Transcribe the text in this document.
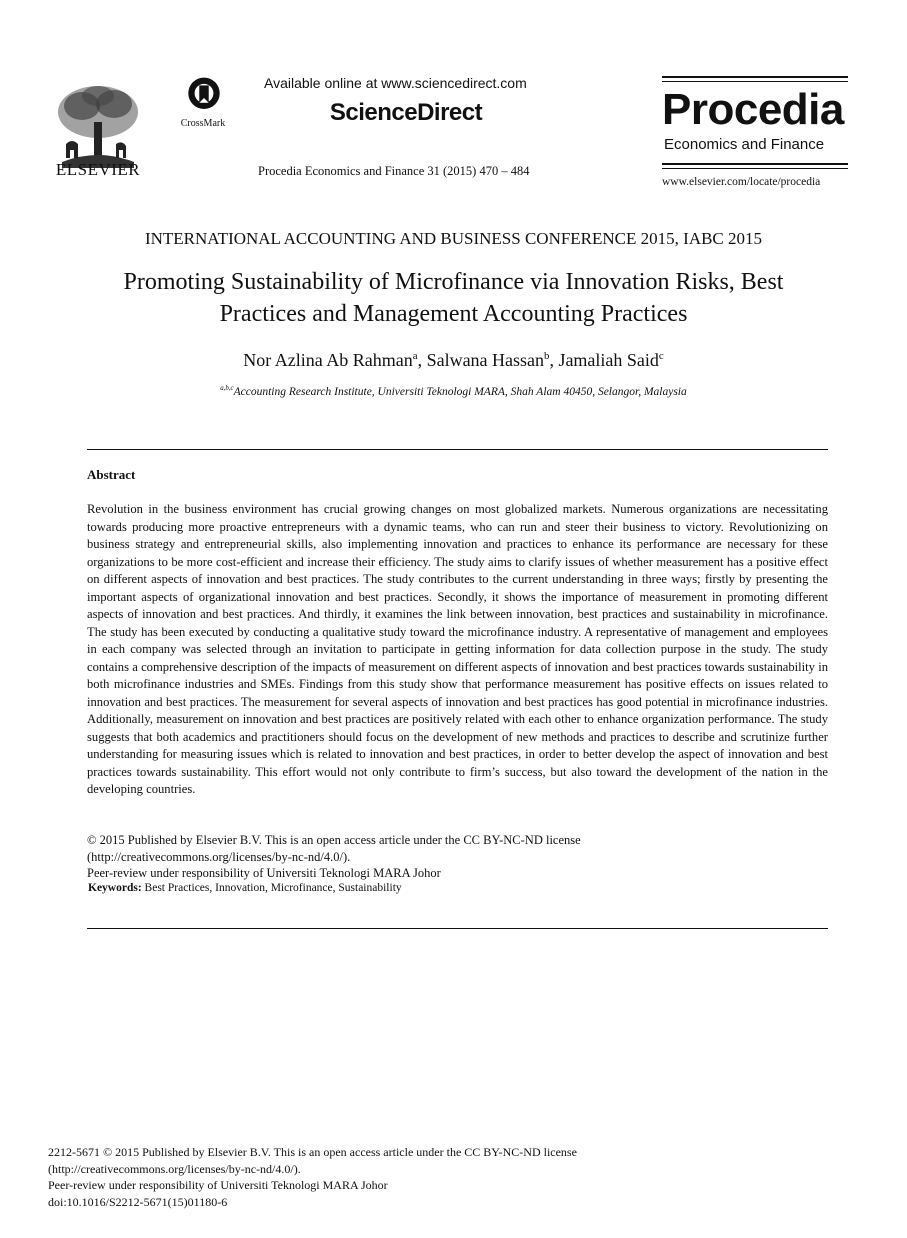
ELSEVIER
CrossMark
Available online at www.sciencedirect.com
ScienceDirect
Procedia Economics and Finance 31 (2015) 470 – 484
Procedia
Economics and Finance
www.elsevier.com/locate/procedia
INTERNATIONAL ACCOUNTING AND BUSINESS CONFERENCE 2015, IABC 2015
Promoting Sustainability of Microfinance via Innovation Risks, Best
Practices and Management Accounting Practices
Nor Azlina Ab Rahman$^a$, Salwana Hassan$^b$, Jamaliah Said$^c$
$^{a,b,c}$Accounting Research Institute, Universiti Teknologi MARA, Shah Alam 40450, Selangor, Malaysia
Abstract

Revolution in the business environment has crucial growing changes on most globalized markets. Numerous organizations are necessitating towards producing more proactive entrepreneurs with a dynamic teams, who can run and steer their business to victory. Revolutionizing on business strategy and entrepreneurial skills, also implementing innovation and practices to enhance its performance are necessary for these organizations to be more cost-efficient and increase their efficiency. The study aims to clarify issues of whether measurement has a positive effect on different aspects of innovation and best practices. The study contributes to the current understanding in three ways; firstly by presenting the important aspects of organizational innovation and best practices. Secondly, it shows the importance of measurement in promoting different aspects of innovation and best practices. And thirdly, it examines the link between innovation, best practices and sustainability in microfinance. The study has been executed by conducting a qualitative study toward the microfinance industry. A representative of management and employees in each company was selected through an invitation to participate in getting information for data collection purpose in the study. The study contains a comprehensive description of the impacts of measurement on different aspects of innovation and best practices towards sustainability in both microfinance industries and SMEs. Findings from this study show that performance measurement has positive effects on issues related to innovation and best practices. The measurement for several aspects of innovation and best practices has good potential in microfinance industries. Additionally, measurement on innovation and best practices are positively related with each other to enhance organization performance. The study suggests that both academics and practitioners should focus on the development of new methods and practices to describe and scrutinize further understanding for measuring issues which is related to innovation and best practices, in order to better develop the aspect of innovation and best practices towards sustainability. This effort would not only contribute to firm’s success, but also toward the development of the nation in the developing countries.

© 2015 Published by Elsevier B.V. This is an open access article under the CC BY-NC-ND license
(http://creativecommons.org/licenses/by-nc-nd/4.0/).
Peer-review under responsibility of Universiti Teknologi MARA Johor
Keywords: Best Practices, Innovation, Microfinance, Sustainability
2212-5671 © 2015 Published by Elsevier B.V. This is an open access article under the CC BY-NC-ND license
(http://creativecommons.org/licenses/by-nc-nd/4.0/).
Peer-review under responsibility of Universiti Teknologi MARA Johor
doi:10.1016/S2212-5671(15)01180-6
